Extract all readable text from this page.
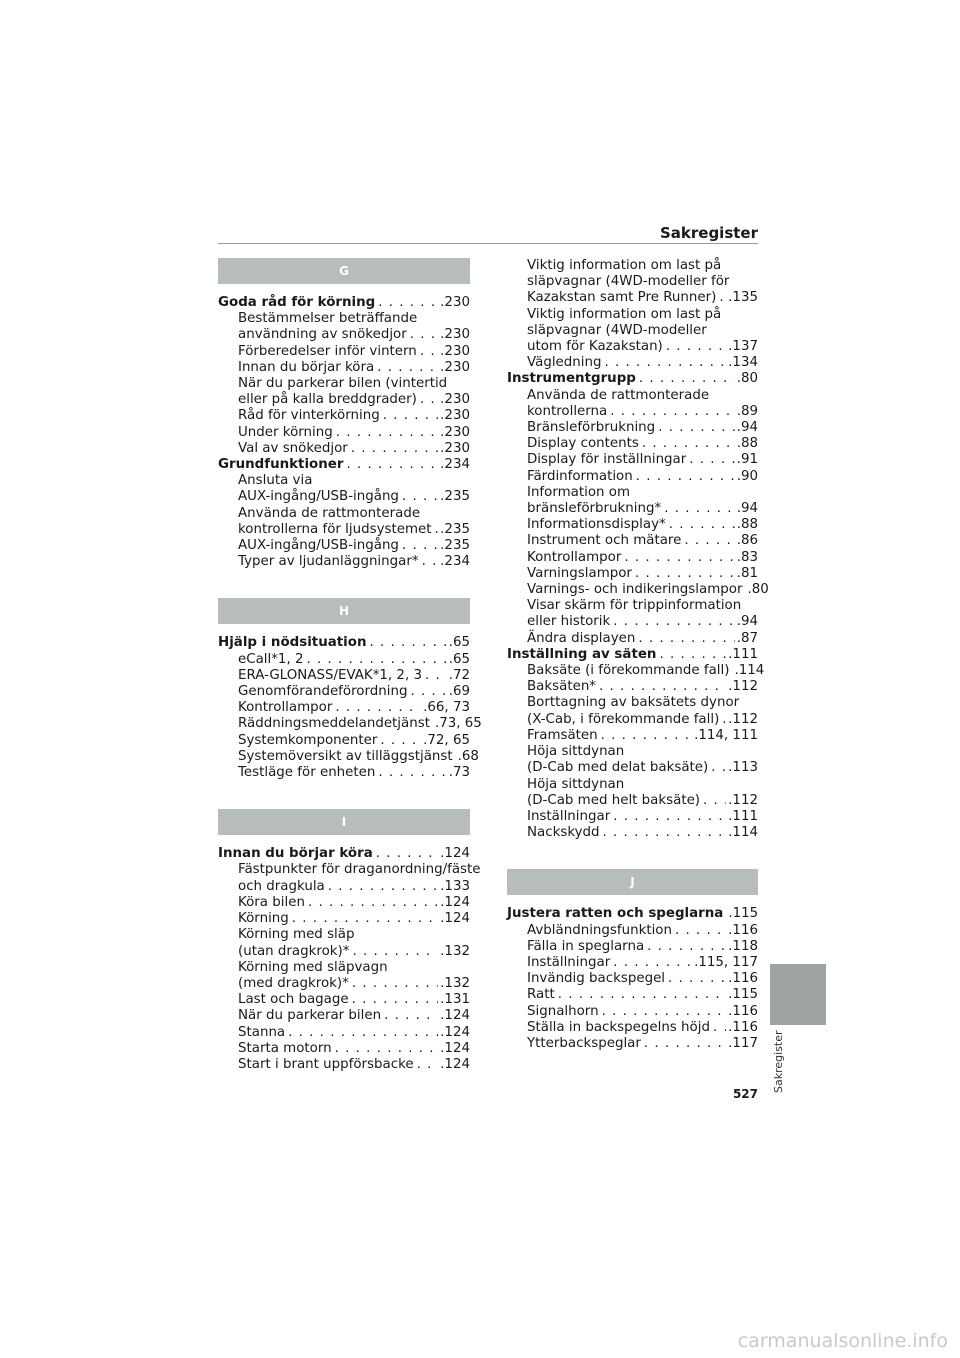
Sakregister
G
Goda råd för körning . . .	.230
Bestämmelser beträffande
användning av snökedjor . . . .230
Förberedelser inför vintern . . . .230
Innan du börjar köra . . .	.230
När du parkerar bilen (vintertid
eller på kalla breddgrader) . . . .230
Råd för vinterkörning . . .	.230
Under körning . . .	.230
Val av snökedjor . . .	.230
Grundfunktioner . . .	.234
Ansluta via
AUX-ingång/USB-ingång . . .	.235
Använda de rattmonterade
kontrollerna för ljudsystemet . . . .235
AUX-ingång/USB-ingång . . .	.235
Typer av ljudanläggningar* . . . .234
H
Hjälp i nödsituation . . .	.65
eCall*1, 2 . . .	.65
ERA-GLONASS/EVAK*1, 2, 3 . . . .72
Genomförandeförordning . . .	.69
Kontrollampor . . .	.66, 73
Räddningsmeddelandetjänst . . . .73, 65
Systemkomponenter . . .	.72, 65
Systemöversikt av tilläggstjänst . . . .68
Testläge för enheten . . .	.73
I
Innan du börjar köra . . .	.124
Fästpunkter för draganordning/fäste
och dragkula . . .	.133
Köra bilen . . .	.124
Körning . . .	.124
Körning med släp
(utan dragkrok)* . . .	.132
Körning med släpvagn
(med dragkrok)* . . .	.132
Last och bagage . . .	.131
När du parkerar bilen . . .	.124
Stanna . . .	.124
Starta motorn . . .	.124
Start i brant uppförsbacke . . . .124
Viktig information om last på
släpvagnar (4WD-modeller för
Kazakstan samt Pre Runner) . . . .135
Viktig information om last på
släpvagnar (4WD-modeller
utom för Kazakstan) . . .	.137
Vägledning . . .	.134
Instrumentgrupp . . .	.80
Använda de rattmonterade
kontrollerna . . .	.89
Bränsleförbrukning . . .	.94
Display contents . . .	.88
Display för inställningar . . .	.91
Färdinformation . . .	.90
Information om
bränsleförbrukning* . . .	.94
Informationsdisplay* . . .	.88
Instrument och mätare . . .	.86
Kontrollampor . . .	.83
Varningslampor . . .	.81
Varnings- och indikeringslampor . . . .80
Visar skärm för trippinformation
eller historik . . .	.94
Ändra displayen . . .	.87
Inställning av säten . . .	.111
Baksäte (i förekommande fall) . . . .114
Baksäten* . . .	.112
Borttagning av baksätets dynor
(X-Cab, i förekommande fall) . . . .112
Framsäten . . .	.114, 111
Höja sittdynan
(D-Cab med delat baksäte) . . . .113
Höja sittdynan
(D-Cab med helt baksäte) . . . .112
Inställningar . . .	.111
Nackskydd . . .	.114
J
Justera ratten och speglarna . . . .115
Avbländningsfunktion . . .	.116
Fälla in speglarna . . .	.118
Inställningar . . .	.115, 117
Invändig backspegel . . .	.116
Ratt . . .	.115
Signalhorn . . .	.116
Ställa in backspegelns höjd . . . .116
Ytterbackspeglar . . .	.117 Sakregister
527
carmanualsonline.info
